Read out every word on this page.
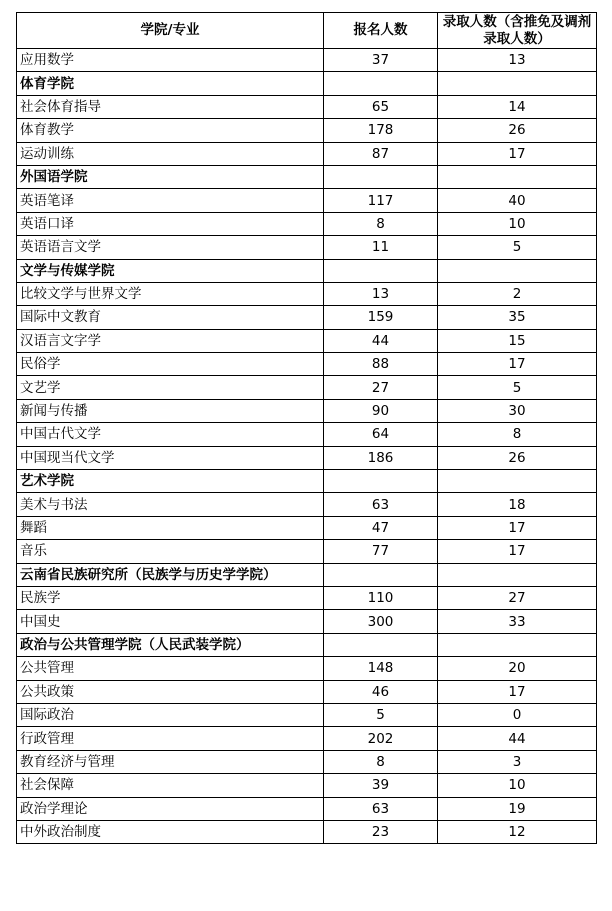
学院/专业	报名人数	录取人数（含推免及调剂录取人数）
应用数学	37	13
体育学院		
社会体育指导	65	14
体育教学	178	26
运动训练	87	17
外国语学院		
英语笔译	117	40
英语口译	8	10
英语语言文学	11	5
文学与传媒学院		
比较文学与世界文学	13	2
国际中文教育	159	35
汉语言文字学	44	15
民俗学	88	17
文艺学	27	5
新闻与传播	90	30
中国古代文学	64	8
中国现当代文学	186	26
艺术学院		
美术与书法	63	18
舞蹈	47	17
音乐	77	17
云南省民族研究所（民族学与历史学学院）		
民族学	110	27
中国史	300	33
政治与公共管理学院（人民武装学院）		
公共管理	148	20
公共政策	46	17
国际政治	5	0
行政管理	202	44
教育经济与管理	8	3
社会保障	39	10
政治学理论	63	19
中外政治制度	23	12
